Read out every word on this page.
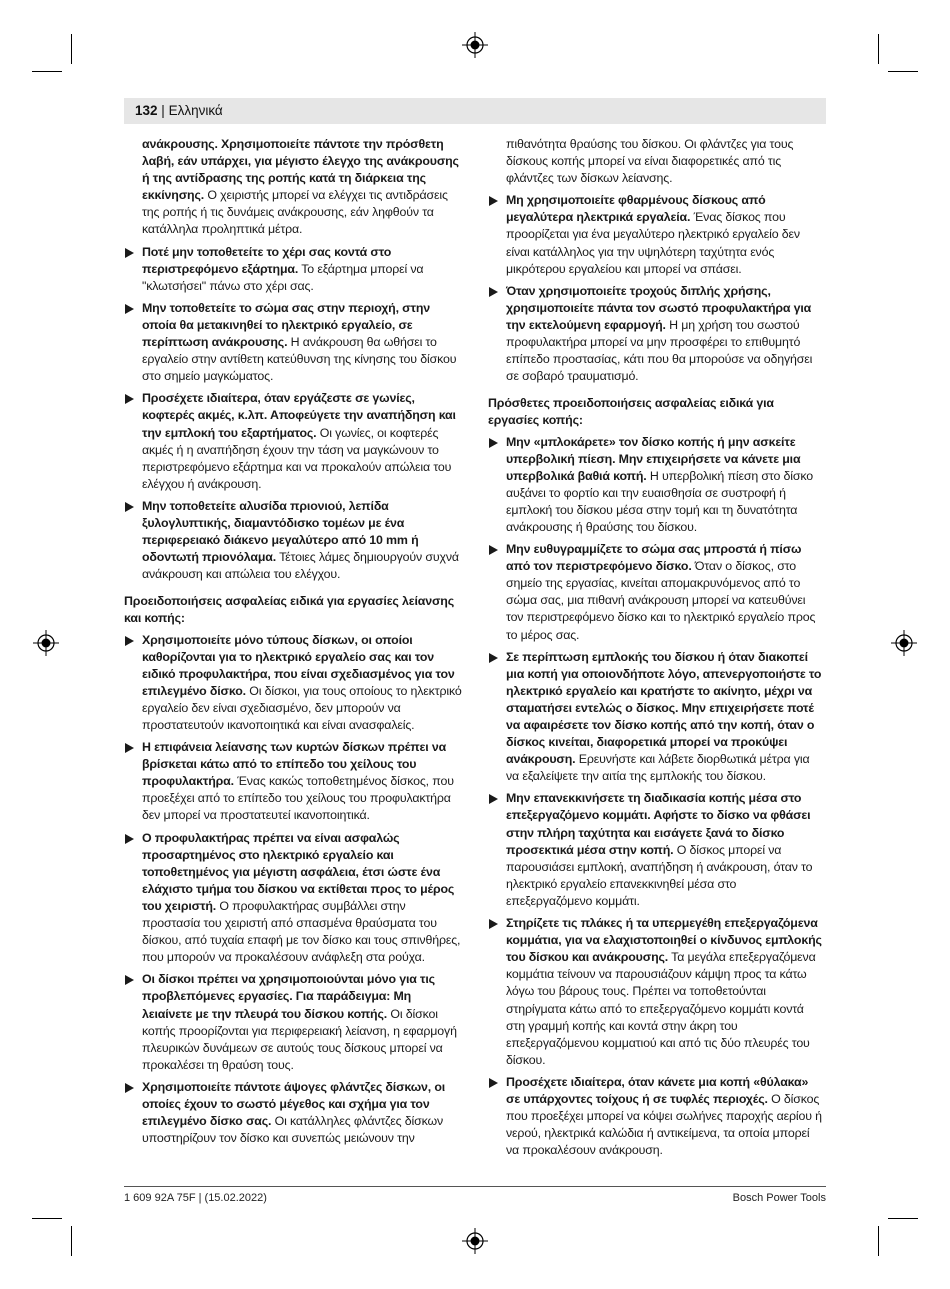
132 | Ελληνικά
ανάκρουσης. Χρησιμοποιείτε πάντοτε την πρόσθετη λαβή, εάν υπάρχει, για μέγιστο έλεγχο της ανάκρουσης ή της αντίδρασης της ροπής κατά τη διάρκεια της εκκίνησης. Ο χειριστής μπορεί να ελέγχει τις αντιδράσεις της ροπής ή τις δυνάμεις ανάκρουσης, εάν ληφθούν τα κατάλληλα προληπτικά μέτρα.
Ποτέ μην τοποθετείτε το χέρι σας κοντά στο περιστρεφόμενο εξάρτημα. Το εξάρτημα μπορεί να "κλωτσήσει" πάνω στο χέρι σας.
Μην τοποθετείτε το σώμα σας στην περιοχή, στην οποία θα μετακινηθεί το ηλεκτρικό εργαλείο, σε περίπτωση ανάκρουσης. Η ανάκρουση θα ωθήσει το εργαλείο στην αντίθετη κατεύθυνση της κίνησης του δίσκου στο σημείο μαγκώματος.
Προσέχετε ιδιαίτερα, όταν εργάζεστε σε γωνίες, κοφτερές ακμές, κ.λπ. Αποφεύγετε την αναπήδηση και την εμπλοκή του εξαρτήματος. Οι γωνίες, οι κοφτερές ακμές ή η αναπήδηση έχουν την τάση να μαγκώνουν το περιστρεφόμενο εξάρτημα και να προκαλούν απώλεια του ελέγχου ή ανάκρουση.
Μην τοποθετείτε αλυσίδα πριονιού, λεπίδα ξυλογλυπτικής, διαμαντόδισκο τομέων με ένα περιφερειακό διάκενο μεγαλύτερο από 10 mm ή οδοντωτή πριονόλαμα. Τέτοιες λάμες δημιουργούν συχνά ανάκρουση και απώλεια του ελέγχου.
Προειδοποιήσεις ασφαλείας ειδικά για εργασίες λείανσης και κοπής:
Χρησιμοποιείτε μόνο τύπους δίσκων, οι οποίοι καθορίζονται για το ηλεκτρικό εργαλείο σας και τον ειδικό προφυλακτήρα, που είναι σχεδιασμένος για τον επιλεγμένο δίσκο. Οι δίσκοι, για τους οποίους το ηλεκτρικό εργαλείο δεν είναι σχεδιασμένο, δεν μπορούν να προστατευτούν ικανοποιητικά και είναι ανασφαλείς.
Η επιφάνεια λείανσης των κυρτών δίσκων πρέπει να βρίσκεται κάτω από το επίπεδο του χείλους του προφυλακτήρα. Ένας κακώς τοποθετημένος δίσκος, που προεξέχει από το επίπεδο του χείλους του προφυλακτήρα δεν μπορεί να προστατευτεί ικανοποιητικά.
Ο προφυλακτήρας πρέπει να είναι ασφαλώς προσαρτημένος στο ηλεκτρικό εργαλείο και τοποθετημένος για μέγιστη ασφάλεια, έτσι ώστε ένα ελάχιστο τμήμα του δίσκου να εκτίθεται προς το μέρος του χειριστή. Ο προφυλακτήρας συμβάλλει στην προστασία του χειριστή από σπασμένα θραύσματα του δίσκου, από τυχαία επαφή με τον δίσκο και τους σπινθήρες, που μπορούν να προκαλέσουν ανάφλεξη στα ρούχα.
Οι δίσκοι πρέπει να χρησιμοποιούνται μόνο για τις προβλεπόμενες εργασίες. Για παράδειγμα: Μη λειαίνετε με την πλευρά του δίσκου κοπής. Οι δίσκοι κοπής προορίζονται για περιφερειακή λείανση, η εφαρμογή πλευρικών δυνάμεων σε αυτούς τους δίσκους μπορεί να προκαλέσει τη θραύση τους.
Χρησιμοποιείτε πάντοτε άψογες φλάντζες δίσκων, οι οποίες έχουν το σωστό μέγεθος και σχήμα για τον επιλεγμένο δίσκο σας. Οι κατάλληλες φλάντζες δίσκων υποστηρίζουν τον δίσκο και συνεπώς μειώνουν την
πιθανότητα θραύσης του δίσκου. Οι φλάντζες για τους δίσκους κοπής μπορεί να είναι διαφορετικές από τις φλάντζες των δίσκων λείανσης.
Μη χρησιμοποιείτε φθαρμένους δίσκους από μεγαλύτερα ηλεκτρικά εργαλεία. Ένας δίσκος που προορίζεται για ένα μεγαλύτερο ηλεκτρικό εργαλείο δεν είναι κατάλληλος για την υψηλότερη ταχύτητα ενός μικρότερου εργαλείου και μπορεί να σπάσει.
Όταν χρησιμοποιείτε τροχούς διπλής χρήσης, χρησιμοποιείτε πάντα τον σωστό προφυλακτήρα για την εκτελούμενη εφαρμογή. Η μη χρήση του σωστού προφυλακτήρα μπορεί να μην προσφέρει το επιθυμητό επίπεδο προστασίας, κάτι που θα μπορούσε να οδηγήσει σε σοβαρό τραυματισμό.
Πρόσθετες προειδοποιήσεις ασφαλείας ειδικά για εργασίες κοπής:
Μην «μπλοκάρετε» τον δίσκο κοπής ή μην ασκείτε υπερβολική πίεση. Μην επιχειρήσετε να κάνετε μια υπερβολικά βαθιά κοπή. Η υπερβολική πίεση στο δίσκο αυξάνει το φορτίο και την ευαισθησία σε συστροφή ή εμπλοκή του δίσκου μέσα στην τομή και τη δυνατότητα ανάκρουσης ή θραύσης του δίσκου.
Μην ευθυγραμμίζετε το σώμα σας μπροστά ή πίσω από τον περιστρεφόμενο δίσκο. Όταν ο δίσκος, στο σημείο της εργασίας, κινείται απομακρυνόμενος από το σώμα σας, μια πιθανή ανάκρουση μπορεί να κατευθύνει τον περιστρεφόμενο δίσκο και το ηλεκτρικό εργαλείο προς το μέρος σας.
Σε περίπτωση εμπλοκής του δίσκου ή όταν διακοπεί μια κοπή για οποιονδήποτε λόγο, απενεργοποιήστε το ηλεκτρικό εργαλείο και κρατήστε το ακίνητο, μέχρι να σταματήσει εντελώς ο δίσκος. Μην επιχειρήσετε ποτέ να αφαιρέσετε τον δίσκο κοπής από την κοπή, όταν ο δίσκος κινείται, διαφορετικά μπορεί να προκύψει ανάκρουση. Ερευνήστε και λάβετε διορθωτικά μέτρα για να εξαλείψετε την αιτία της εμπλοκής του δίσκου.
Μην επανεκκινήσετε τη διαδικασία κοπής μέσα στο επεξεργαζόμενο κομμάτι. Αφήστε το δίσκο να φθάσει στην πλήρη ταχύτητα και εισάγετε ξανά το δίσκο προσεκτικά μέσα στην κοπή. Ο δίσκος μπορεί να παρουσιάσει εμπλοκή, αναπήδηση ή ανάκρουση, όταν το ηλεκτρικό εργαλείο επανεκκινηθεί μέσα στο επεξεργαζόμενο κομμάτι.
Στηρίζετε τις πλάκες ή τα υπερμεγέθη επεξεργαζόμενα κομμάτια, για να ελαχιστοποιηθεί ο κίνδυνος εμπλοκής του δίσκου και ανάκρουσης. Τα μεγάλα επεξεργαζόμενα κομμάτια τείνουν να παρουσιάζουν κάμψη προς τα κάτω λόγω του βάρους τους. Πρέπει να τοποθετούνται στηρίγματα κάτω από το επεξεργαζόμενο κομμάτι κοντά στη γραμμή κοπής και κοντά στην άκρη του επεξεργαζόμενου κομματιού και από τις δύο πλευρές του δίσκου.
Προσέχετε ιδιαίτερα, όταν κάνετε μια κοπή «θύλακα» σε υπάρχοντες τοίχους ή σε τυφλές περιοχές. Ο δίσκος που προεξέχει μπορεί να κόψει σωλήνες παροχής αερίου ή νερού, ηλεκτρικά καλώδια ή αντικείμενα, τα οποία μπορεί να προκαλέσουν ανάκρουση.
1 609 92A 75F | (15.02.2022)	Bosch Power Tools
